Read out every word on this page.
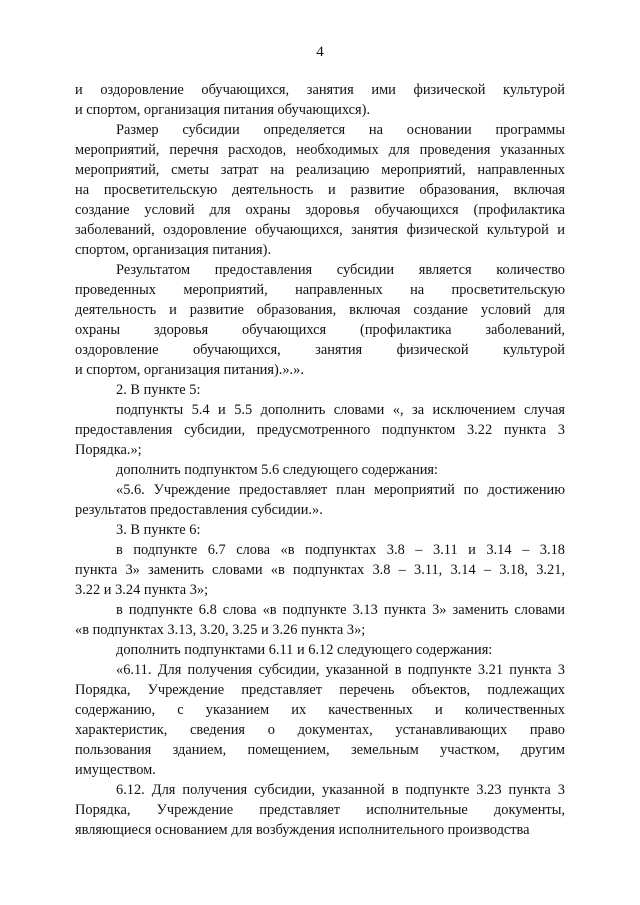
4

и оздоровление обучающихся, занятия ими физической культурой
и спортом, организация питания обучающихся).

Размер субсидии определяется на основании программы
мероприятий, перечня расходов, необходимых для проведения указанных
мероприятий, сметы затрат на реализацию мероприятий, направленных
на просветительскую деятельность и развитие образования, включая
создание условий для охраны здоровья обучающихся (профилактика
заболеваний, оздоровление обучающихся, занятия физической культурой и
спортом, организация питания).

Результатом предоставления субсидии является количество
проведенных мероприятий, направленных на просветительскую
деятельность и развитие образования, включая создание условий для
охраны здоровья обучающихся (профилактика заболеваний,
оздоровление обучающихся, занятия физической культурой
и спортом, организация питания).».».

2. В пункте 5:

подпункты 5.4 и 5.5 дополнить словами «, за исключением случая
предоставления субсидии, предусмотренного подпунктом 3.22 пункта 3
Порядка.»;

дополнить подпунктом 5.6 следующего содержания:

«5.6. Учреждение предоставляет план мероприятий по достижению
результатов предоставления субсидии.».

3. В пункте 6:

в подпункте 6.7 слова «в подпунктах 3.8 – 3.11 и 3.14 – 3.18
пункта 3» заменить словами «в подпунктах 3.8 – 3.11, 3.14 – 3.18, 3.21,
3.22 и 3.24 пункта 3»;

в подпункте 6.8 слова «в подпункте 3.13 пункта 3» заменить словами
«в подпунктах 3.13, 3.20, 3.25 и 3.26 пункта 3»;

дополнить подпунктами 6.11 и 6.12 следующего содержания:

«6.11. Для получения субсидии, указанной в подпункте 3.21 пункта 3
Порядка, Учреждение представляет перечень объектов, подлежащих
содержанию, с указанием их качественных и количественных
характеристик, сведения о документах, устанавливающих право
пользования зданием, помещением, земельным участком, другим
имуществом.

6.12. Для получения субсидии, указанной в подпункте 3.23 пункта 3
Порядка, Учреждение представляет исполнительные документы,
являющиеся основанием для возбуждения исполнительного производства
